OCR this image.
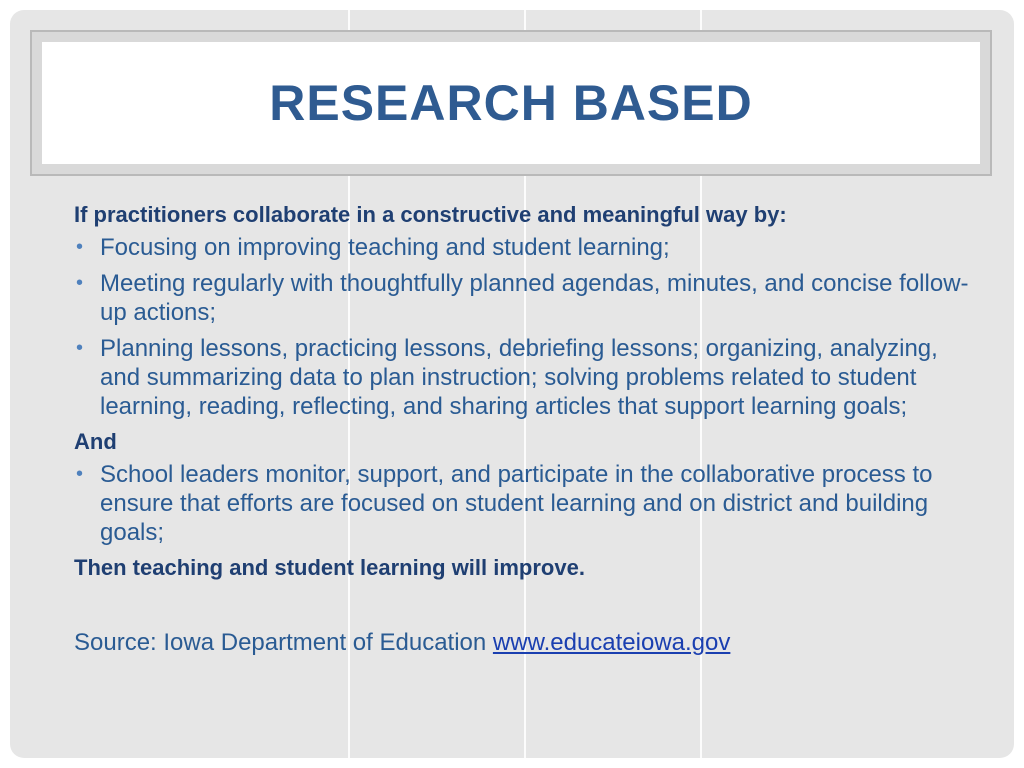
RESEARCH BASED

If practitioners collaborate in a constructive and meaningful way by:

• Focusing on improving teaching and student learning;
• Meeting regularly with thoughtfully planned agendas, minutes, and concise follow-up actions;
• Planning lessons, practicing lessons, debriefing lessons; organizing, analyzing, and summarizing data to plan instruction; solving problems related to student learning, reading, reflecting, and sharing articles that support learning goals;

And

• School leaders monitor, support, and participate in the collaborative process to ensure that efforts are focused on student learning and on district and building goals;

Then teaching and student learning will improve.

Source: Iowa Department of Education www.educateiowa.gov
